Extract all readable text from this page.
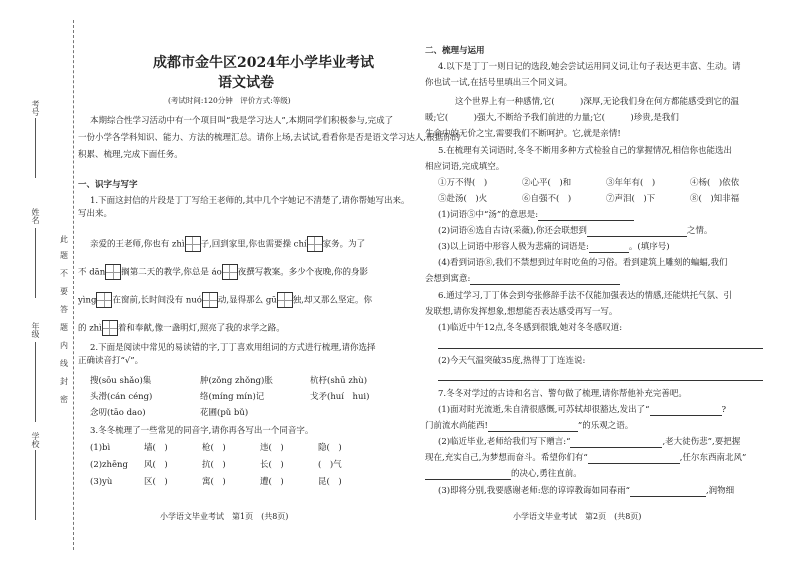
考号
姓名
年级
学校
此
题
不
要
答
题
内
线
封
密
成都市金牛区2024年小学毕业考试
语文试卷
(考试时间:120分钟　评价方式:等级)
本期综合性学习活动中有一个项目叫“我是学习达人”,本期同学们积极参与,完成了
一份小学各学科知识、能力、方法的梳理汇总。请你上场,去试试,看看你是否是语文学习达人,根据你的
积累、梳理,完成下面任务。
一、识字与写字
1.下面这封信的片段是丁丁写给王老师的,其中几个字她记不清楚了,请你帮她写出来。
写出来。
亲爱的王老师,你也有 zhì 子,回到家里,你也需要操 chí 家务。为了
不 dān 搁第二天的教学,你总是 áo 夜撰写教案。多少个夜晚,你的身影
yìng 在窗前,长时间没有 nuó 动,显得那么 gū 独,却又那么坚定。你
的 zhì 着和奉献,像一盏明灯,照亮了我的求学之路。
2.下面是阅读中常见的易读错的字,丁丁喜欢用组词的方式进行梳理,请你选择
正确读音打“√”。
搜(sōu shǎo)集	肿(zǒng zhǒng)胀	杭杼(shū zhù)
头滑(cán céng)	络(míng mín)记	戈矛(huí　hui)
念叨(tāo dao)	花圃(pǔ bǔ)
3.冬冬梳理了一些常见的同音字,请你再各写出一个同音字。
(1)bì	墙(　)	枪(　)	违(　)	隐(　)
(2)zhēng 风(　)	抗(　)	长(　)	(　)气
(3)yù	区(　)	寓(　)	遭(　)	昆(　)
小学语文毕业考试　第1页　(共8页)
二、梳理与运用
4.以下是丁丁一则日记的选段,她会尝试运用同义词,让句子表达更丰富、生动。请
你也试一试,在括号里填出三个同义词。
　　这个世界上有一种感情,它(　　　)深厚,无论我们身在何方都能感受到它的温
暖;它(　　　)强大,不断给予我们前进的力量;它(　　　)珍贵,是我们
生命中的无价之宝,需要我们不断呵护。它,就是亲情!
5.在梳理有关词语时,冬冬不断用多种方式检验自己的掌握情况,相信你也能选出
相应词语,完成填空。
①万不得(　)	②心平(　)和	③年年有(　)	④杨(　)依依
⑤赴汤(　)火	⑥自强不(　)	⑦声泪(　)下	⑧(　)知非福
(1)词语⑤中“汤”的意思是:
(2)词语⑥选自古诗(采薇),你还会联想到	之情。
(3)以上词语中形容人极为悲痛的词语是:	。(填序号)
(4)看到词语⑧,我们不禁想到过年时吃鱼的习俗。看到建筑上雕刻的蝙蝠,我们
会想到寓意:
6.通过学习,丁丁体会到夸张修辞手法不仅能加强表达的情感,还能烘托气氛、引
发联想,请你发挥想象,想想能否表达感受再写一写。
(1)临近中午12点,冬冬感到很饿,她对冬冬感叹道:
(2)今天气温突破35度,热得丁丁连连说:
7.冬冬对学过的古诗和名言、警句做了梳理,请你帮他补充完善吧。
(1)面对时光流逝,朱自清很感慨,可苏轼却很豁达,发出了“	?
门前流水尚能西!	”的乐观之语。
(2)临近毕业,老师给我们写下赠言:“	,老大徒伤悲”,要把握
现在,充实自己,为梦想而奋斗。希望你们有“	,任尔东西南北风”
的决心,勇往直前。
(3)即将分别,我要感谢老师:您的谆谆教诲如同春雨“	,润物细
小学语文毕业考试　第2页　(共8页)
